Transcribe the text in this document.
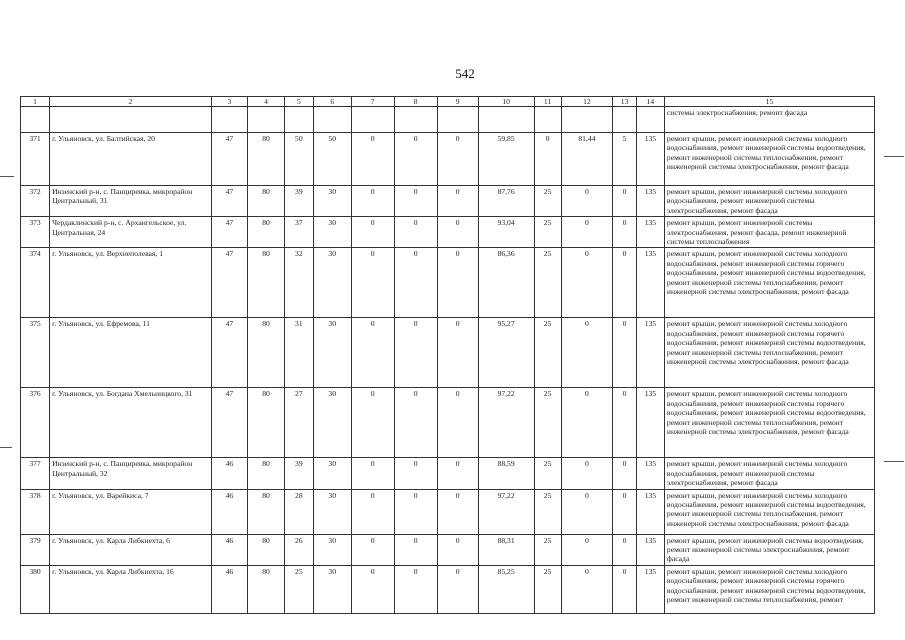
542
1	2	3	4	5	6	7	8	9	10	11	12	13	14	15
														системы электроснабжения, ремонт фасада
371	г. Ульяновск, ул. Балтийская, 20	47	80	50	50	0	0	0	59,85	0	81,44	5	135	ремонт крыши, ремонт инженерной системы холодного водоснабжения, ремонт инженерной системы водоотведения, ремонт инженерной системы теплоснабжения, ремонт инженерной системы электроснабжения, ремонт фасада
372	Инзенский р-н, с. Панциревка, микрорайон Центральный, 31	47	80	39	30	0	0	0	87,76	25	0	0	135	ремонт крыши, ремонт инженерной системы холодного водоснабжения, ремонт инженерной системы электроснабжения, ремонт фасада
373	Чердаклинский р-н, с. Архангельское, ул. Центральная, 24	47	80	37	30	0	0	0	93,04	25	0	0	135	ремонт крыши, ремонт инженерной системы электроснабжения, ремонт фасада, ремонт инженерной системы теплоснабжения
374	г. Ульяновск, ул. Верхнеполевая, 1	47	80	32	30	0	0	0	86,36	25	0	0	135	ремонт крыши, ремонт инженерной системы холодного водоснабжения, ремонт инженерной системы горячего водоснабжения, ремонт инженерной системы водоотведения, ремонт инженерной системы теплоснабжения, ремонт инженерной системы электроснабжения, ремонт фасада
375	г. Ульяновск, ул. Ефремова, 11	47	80	31	30	0	0	0	95,27	25	0	0	135	ремонт крыши, ремонт инженерной системы холодного водоснабжения, ремонт инженерной системы горячего водоснабжения, ремонт инженерной системы водоотведения, ремонт инженерной системы теплоснабжения, ремонт инженерной системы электроснабжения, ремонт фасада
376	г. Ульяновск, ул. Богдана Хмельницкого, 31	47	80	27	30	0	0	0	97,22	25	0	0	135	ремонт крыши, ремонт инженерной системы холодного водоснабжения, ремонт инженерной системы горячего водоснабжения, ремонт инженерной системы водоотведения, ремонт инженерной системы теплоснабжения, ремонт инженерной системы электроснабжения, ремонт фасада
377	Инзенский р-н, с. Панциревка, микрорайон Центральный, 32	46	80	39	30	0	0	0	88,59	25	0	0	135	ремонт крыши, ремонт инженерной системы холодного водоснабжения, ремонт инженерной системы электроснабжения, ремонт фасада
378	г. Ульяновск, ул. Варейкиса, 7	46	80	28	30	0	0	0	97,22	25	0	0	135	ремонт крыши, ремонт инженерной системы холодного водоснабжения, ремонт инженерной системы водоотведения, ремонт инженерной системы теплоснабжения, ремонт инженерной системы электроснабжения, ремонт фасада
379	г. Ульяновск, ул. Карла Либкнехта, 6	46	80	26	30	0	0	0	88,31	25	0	0	135	ремонт крыши, ремонт инженерной системы водоотведения, ремонт инженерной системы электроснабжения, ремонт фасада
380	г. Ульяновск, ул. Карла Либкнехта, 16	46	80	25	30	0	0	0	85,25	25	0	0	135	ремонт крыши, ремонт инженерной системы холодного водоснабжения, ремонт инженерной системы горячего водоснабжения, ремонт инженерной системы водоотведения, ремонт инженерной системы теплоснабжения, ремонт
